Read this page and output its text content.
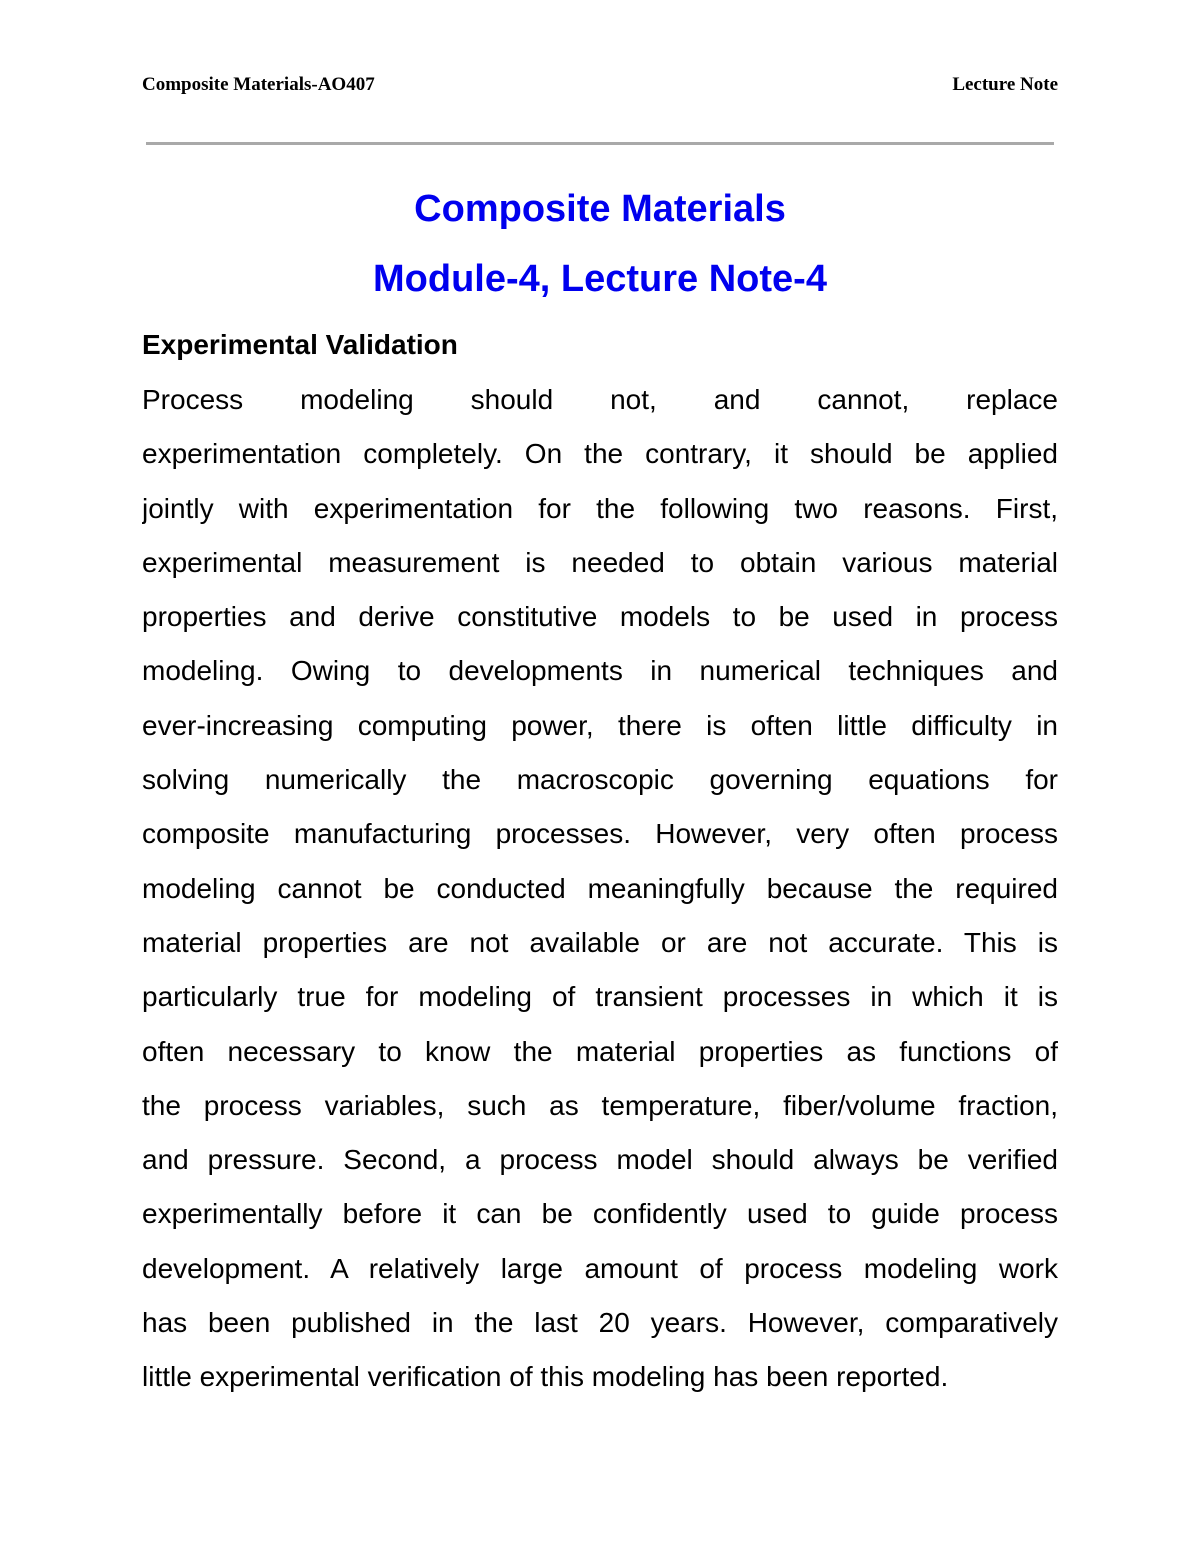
Composite Materials-AO407	Lecture Note
Composite Materials
Module-4, Lecture Note-4
Experimental Validation
Process modeling should not, and cannot, replace
experimentation completely. On the contrary, it should be applied
jointly with experimentation for the following two reasons. First,
experimental measurement is needed to obtain various material
properties and derive constitutive models to be used in process
modeling. Owing to developments in numerical techniques and
ever-increasing computing power, there is often little difficulty in
solving numerically the macroscopic governing equations for
composite manufacturing processes. However, very often process
modeling cannot be conducted meaningfully because the required
material properties are not available or are not accurate. This is
particularly true for modeling of transient processes in which it is
often necessary to know the material properties as functions of
the process variables, such as temperature, fiber/volume fraction,
and pressure. Second, a process model should always be verified
experimentally before it can be confidently used to guide process
development. A relatively large amount of process modeling work
has been published in the last 20 years. However, comparatively
little experimental verification of this modeling has been reported.
